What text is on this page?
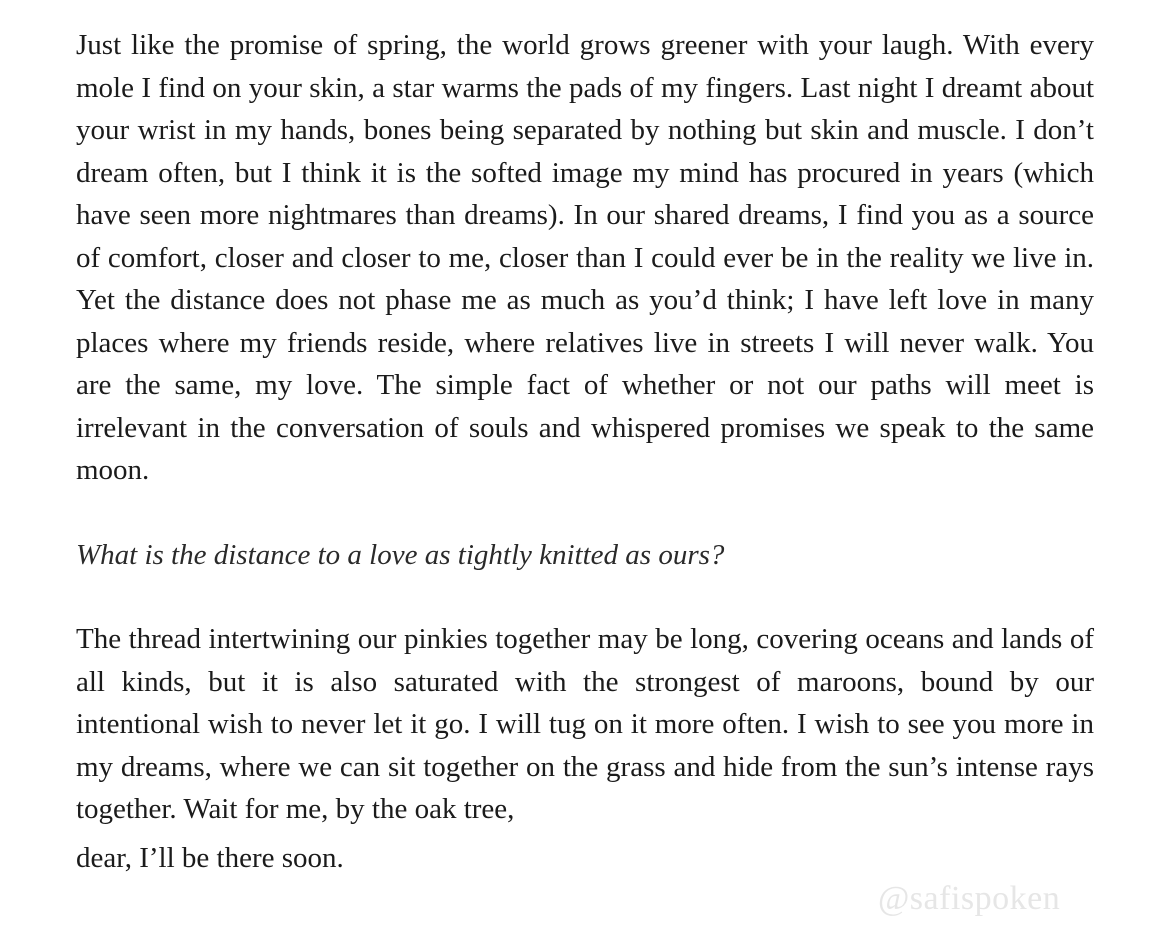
Just like the promise of spring, the world grows greener with your laugh. With every mole I find on your skin, a star warms the pads of my fingers. Last night I dreamt about your wrist in my hands, bones being separated by nothing but skin and muscle. I don’t dream often, but I think it is the softed image my mind has procured in years (which have seen more nightmares than dreams). In our shared dreams, I find you as a source of comfort, closer and closer to me, closer than I could ever be in the reality we live in. Yet the distance does not phase me as much as you’d think; I have left love in many places where my friends reside, where relatives live in streets I will never walk. You are the same, my love. The simple fact of whether or not our paths will meet is irrelevant in the conversation of souls and whispered promises we speak to the same moon.

What is the distance to a love as tightly knitted as ours?

The thread intertwining our pinkies together may be long, covering oceans and lands of all kinds, but it is also saturated with the strongest of maroons, bound by our intentional wish to never let it go. I will tug on it more often. I wish to see you more in my dreams, where we can sit together on the grass and hide from the sun’s intense rays together. Wait for me, by the oak tree,
dear, I’ll be there soon.

@safispoken
